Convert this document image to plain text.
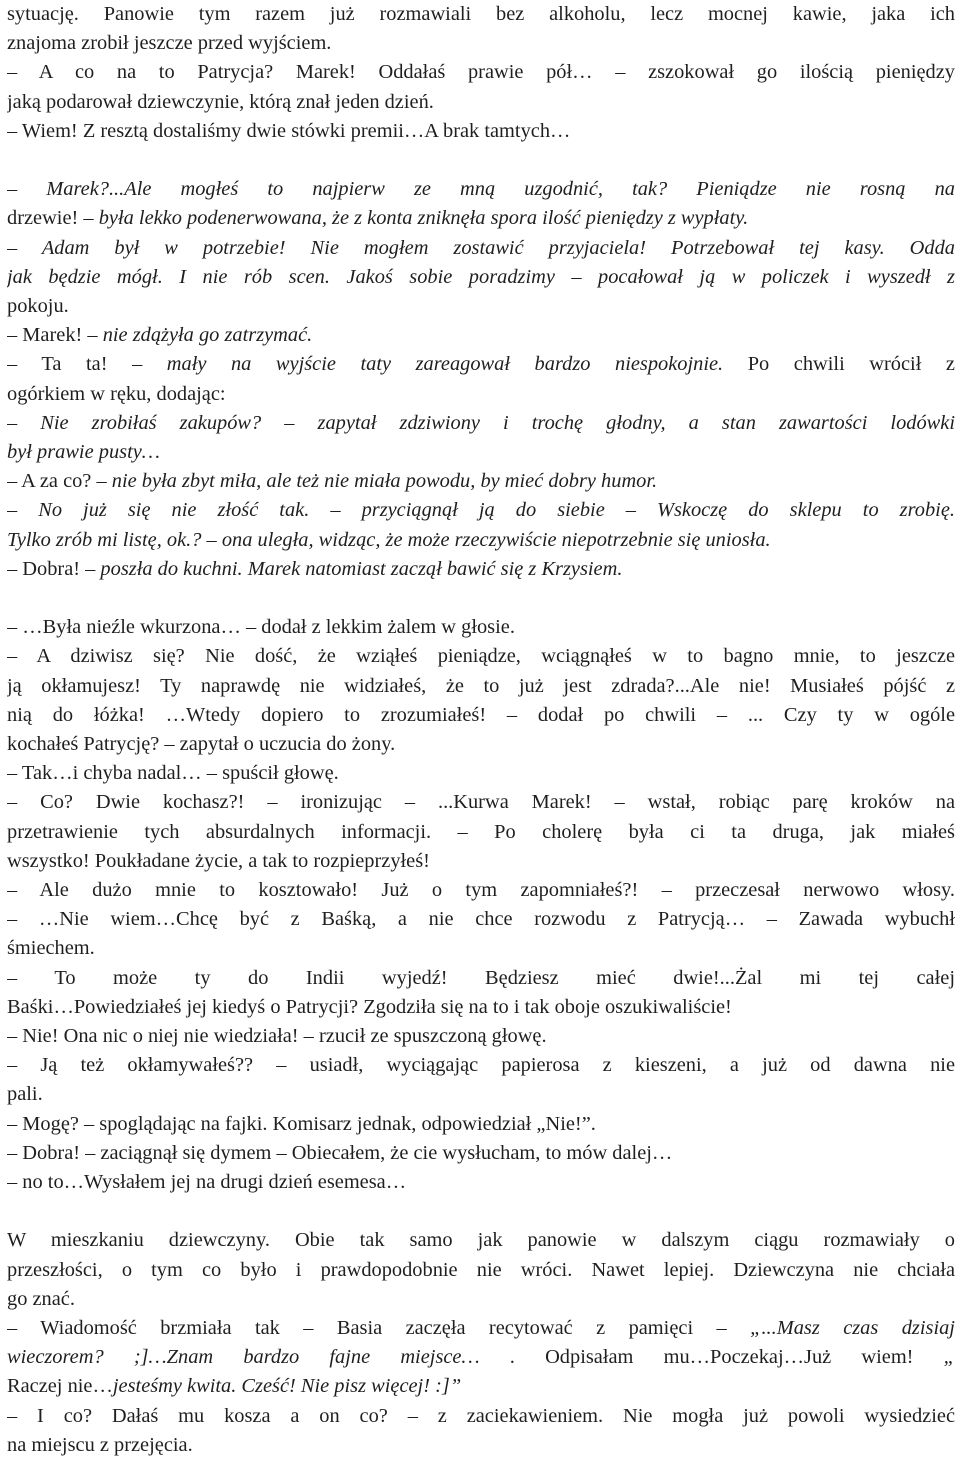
sytuację. Panowie tym razem już rozmawiali bez alkoholu, lecz mocnej kawie, jaka ich
znajoma zrobił jeszcze przed wyjściem.
– A co na to Patrycja? Marek! Oddałaś prawie pół… – zszokował go ilością pieniędzy
jaką podarował dziewczynie, którą znał jeden dzień.
– Wiem! Z resztą dostaliśmy dwie stówki premii…A brak tamtych…
– Marek?...Ale mogłeś to najpierw ze mną uzgodnić, tak? Pieniądze nie rosną na
drzewie! – była lekko podenerwowana, że z konta zniknęła spora ilość pieniędzy z wypłaty.
– Adam był w potrzebie! Nie mogłem zostawić przyjaciela! Potrzebował tej kasy. Odda
jak będzie mógł. I nie rób scen. Jakoś sobie poradzimy – pocałował ją w policzek i wyszedł z
pokoju.
– Marek! – nie zdążyła go zatrzymać.
– Ta ta! – mały na wyjście taty zareagował bardzo niespokojnie. Po chwili wrócił z
ogórkiem w ręku, dodając:
– Nie zrobiłaś zakupów? – zapytał zdziwiony i trochę głodny, a stan zawartości lodówki
był prawie pusty…
– A za co? – nie była zbyt miła, ale też nie miała powodu, by mieć dobry humor.
– No już się nie złość tak. – przyciągnął ją do siebie – Wskoczę do sklepu to zrobię.
Tylko zrób mi listę, ok.? – ona uległa, widząc, że może rzeczywiście niepotrzebnie się uniosła.
– Dobra! – poszła do kuchni. Marek natomiast zaczął bawić się z Krzysiem.
– …Była nieźle wkurzona… – dodał z lekkim żalem w głosie.
– A dziwisz się? Nie dość, że wziąłeś pieniądze, wciągnąłeś w to bagno mnie, to jeszcze
ją okłamujesz! Ty naprawdę nie widziałeś, że to już jest zdrada?...Ale nie! Musiałeś pójść z
nią do łóżka! …Wtedy dopiero to zrozumiałeś! – dodał po chwili – ... Czy ty w ogóle
kochałeś Patrycję? – zapytał o uczucia do żony.
– Tak…i chyba nadal… – spuścił głowę.
– Co? Dwie kochasz?! – ironizując – ...Kurwa Marek! – wstał, robiąc parę kroków na
przetrawienie tych absurdalnych informacji. – Po cholerę była ci ta druga, jak miałeś
wszystko! Poukładane życie, a tak to rozpieprzyłeś!
– Ale dużo mnie to kosztowało! Już o tym zapomniałeś?! – przeczesał nerwowo włosy.
– …Nie wiem…Chcę być z Baśką, a nie chce rozwodu z Patrycją… – Zawada wybuchł
śmiechem.
– To może ty do Indii wyjedź! Będziesz mieć dwie!...Żal mi tej całej
Baśki…Powiedziałeś jej kiedyś o Patrycji? Zgodziła się na to i tak oboje oszukiwaliście!
– Nie! Ona nic o niej nie wiedziała! – rzucił ze spuszczoną głowę.
– Ją też okłamywałeś?? – usiadł, wyciągając papierosa z kieszeni, a już od dawna nie
pali.
– Mogę? – spoglądając na fajki. Komisarz jednak, odpowiedział „Nie!”.
– Dobra! – zaciągnął się dymem – Obiecałem, że cie wysłucham, to mów dalej…
– no to…Wysłałem jej na drugi dzień esemesa…
W mieszkaniu dziewczyny. Obie tak samo jak panowie w dalszym ciągu rozmawiały o
przeszłości, o tym co było i prawdopodobnie nie wróci. Nawet lepiej. Dziewczyna nie chciała
go znać.
– Wiadomość brzmiała tak – Basia zaczęła recytować z pamięci – „...Masz czas dzisiaj
wieczorem? ;]…Znam bardzo fajne miejsce… . Odpisałam mu…Poczekaj…Już wiem! „
Raczej nie…jesteśmy kwita. Cześć! Nie pisz więcej! :]”
– I co? Dałaś mu kosza a on co? – z zaciekawieniem. Nie mogła już powoli wysiedzieć
na miejscu z przejęcia.
